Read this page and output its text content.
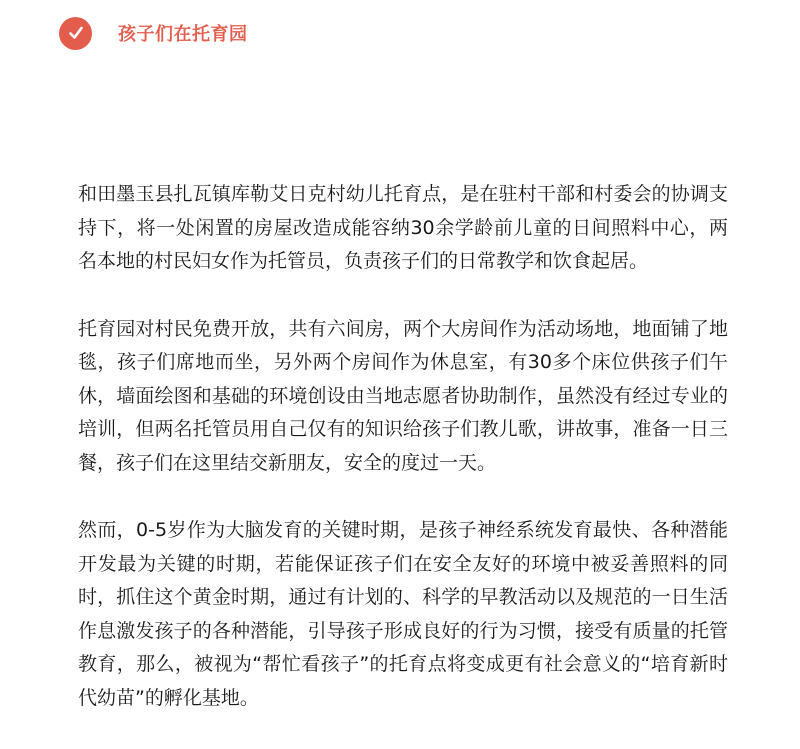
孩子们在托育园

和田墨玉县扎瓦镇库勒艾日克村幼儿托育点，是在驻村干部和村委会的协调支持下，将一处闲置的房屋改造成能容纳30余学龄前儿童的日间照料中心，两名本地的村民妇女作为托管员，负责孩子们的日常教学和饮食起居。

托育园对村民免费开放，共有六间房，两个大房间作为活动场地，地面铺了地毯，孩子们席地而坐，另外两个房间作为休息室，有30多个床位供孩子们午休，墙面绘图和基础的环境创设由当地志愿者协助制作，虽然没有经过专业的培训，但两名托管员用自己仅有的知识给孩子们教儿歌，讲故事，准备一日三餐，孩子们在这里结交新朋友，安全的度过一天。

然而，0-5岁作为大脑发育的关键时期，是孩子神经系统发育最快、各种潜能开发最为关键的时期，若能保证孩子们在安全友好的环境中被妥善照料的同时，抓住这个黄金时期，通过有计划的、科学的早教活动以及规范的一日生活作息激发孩子的各种潜能，引导孩子形成良好的行为习惯，接受有质量的托管教育，那么，被视为“帮忙看孩子”的托育点将变成更有社会意义的“培育新时代幼苗”的孵化基地。
